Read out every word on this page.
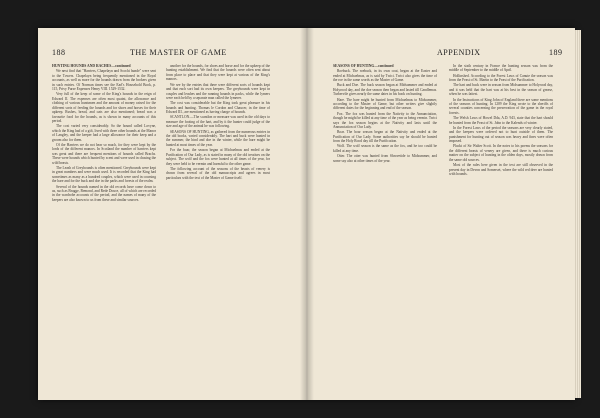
188	THE MASTER OF GAME

HUNTING HOUNDS AND RACHES—continued

We next find that "Harriers, Chapelayn and Scochi hunde" were sent to the Towers. Chapelayn being frequently mentioned in the Royal accounts, as well as more for the hounds drawn from the brokers given in such entries. Of Norman times see the Earl's Household Book, p. 115, Privy Purse Expenses Henry VIII. 1529-1532.

Very full of the keep of some of the King's hounds in the reign of Edward II. The expenses are often most quaint, the allowance and clothing of various huntsmen and the amount of money raised for the different sorts of feeding the hounds and for shoes and horses for their upkeep. Rushes, bread, and oats are also mentioned; bread was a favourite food for the hounds, as is shown in many accounts of this period.

The cost varied very considerably. So the hound called Lovyne, which the King had of a gift, lived with three other hounds at the Manor of Langley, and the keeper had a large allowance for their keep and a groom also for them.

Of the Harriers we do not hear so much, for they were kept by the lords of the different manors. In Scotland the number of harriers kept was great and there are frequent mentions of hounds called Brachs. These were hounds which hunted by scent and were used in chasing the wild beasts.

The Leash of Greyhounds is often mentioned. Greyhounds were kept in great numbers and were much used. It is recorded that the King had sometimes as many as a hundred couples, which were used in coursing the hare and for the buck and doe in the parks and forests of the realm.

Several of the hounds named in the old records have come down to us, such as Bragge, Bemond, and Rede Douce, all of which are recorded in the wardrobe accounts of the period, and the names of many of the keepers are also known to us from these and similar sources.

another for the hounds, for shoes and horse and for the upkeep of the hunting establishment. We find that the hounds were often sent about from place to place and that they were kept at various of the King's manors.

We see by the entries that there were different sorts of hounds kept and that each sort had its own keepers. The greyhounds were kept in couples and leashes and the running hounds in packs, while the lymers were each held by a separate man called the lymerer.

The cost was considerable but the King took great pleasure in his hounds and hunting. Thomas le Cordon and Chaucer, in the time of Edward III., are mentioned as having charge of hounds.

SCANTLON.—The scantlon or measure was used in the old days to measure the footing of the hart, and by it the hunter could judge of the size and age of the animal he was following.

SEASONS OF HUNTING, as gathered from the numerous entries in the old books, varied considerably. The hart and buck were hunted in the summer, the hind and doe in the winter, while the hare might be hunted at most times of the year.

For the boar, the season began at Michaelmas and ended at the Purification of Our Lady, as is stated in many of the old treatises on the subject. The wolf and the fox were hunted at all times of the year, for they were held to be vermin and harmful to the other game.

The following account of the seasons of the beasts of venery is drawn from several of the old manuscripts and agrees in most particulars with the text of the Master of Game itself.

APPENDIX	189

SEASONS OF HUNTING—continued

Roebuck. The roebuck, in its own coat, began at the Easter and ended at Michaelmas, as is said by Twici. Twici also gives the time of the roe in the same words as the Master of Game.

Buck and Doe. The buck season began at Midsummer and ended at Holyrood day, and the doe season then began and lasted till Candlemas. Turbervile gives nearly the same dates in his book on hunting.

Hare. The hare might be hunted from Michaelmas to Midsummer, according to the Master of Game, but other writers give slightly different dates for the beginning and end of the season.

Fox. The fox was hunted from the Nativity to the Annunciation, though he might be killed at any time of the year as being vermin. Twici says the fox season begins at the Nativity and lasts until the Annunciation of Our Lady.

Boar. The boar season began at the Nativity and ended at the Purification of Our Lady. Some authorities say he should be hunted from the Holy Rood day till the Purification.

Wolf. The wolf season is the same as the fox, and he too could be killed at any time.

Otter. The otter was hunted from Shrovetide to Midsummer, and some say also at other times of the year.

In the sixth century in France the hunting season was from the middle of September to the middle of April.

Hollinshed. According to the Forest Laws of Canute the season was from the Feast of St. Martin to the Feast of the Purification.

The hart and buck were in season from Midsummer to Holyrood day, and it was held that the hart was at his best in the season of grease, when he was fattest.

In the Instructions of King John of England there are some mentions of the seasons of hunting. In 1209 the King wrote to the sheriffs of several counties concerning the preservation of the game in the royal forests.

The Welsh Laws of Howel Dda, A.D. 943, state that the hart should be hunted from the Feast of St. John to the Kalends of winter.

In the Forest Laws of the period the seasons are very clearly stated, and the keepers were ordered not to hunt outside of them. The punishment for hunting out of season was heavy and fines were often imposed.

Pluckt of Sir Walter Scott. In the notes to his poems the seasons for the different beasts of venery are given, and there is much curious matter on the subject of hunting in the olden days, mostly drawn from the same old sources.

Most of the rules here given in the text are still observed in the present day in Devon and Somerset, where the wild red deer are hunted with hounds.
